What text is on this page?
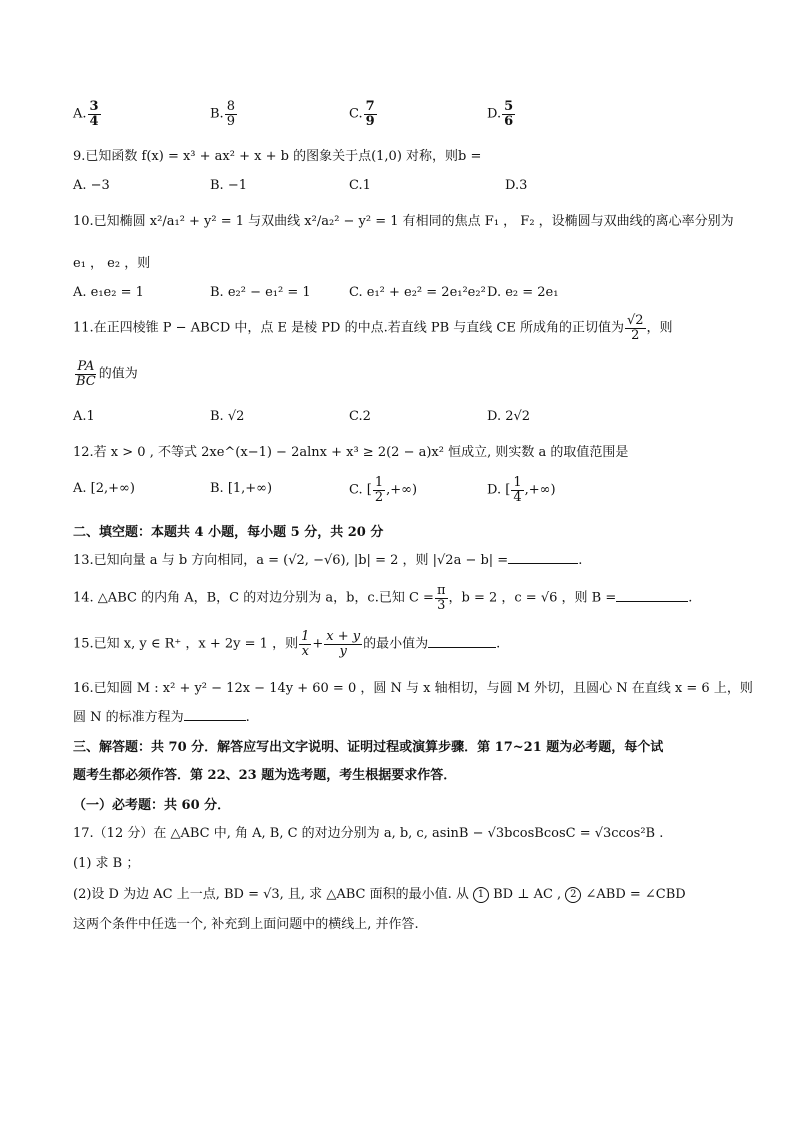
A. $\frac{3}{4}$	B. $\frac{8}{9}$	C. $\frac{7}{9}$	D. $\frac{5}{6}$
9.已知函数 f(x) = x³ + ax² + x + b 的图象关于点(1,0) 对称，则b =
A. −3	B. −1	C.1	D.3
10.已知椭圆 x²/a₁² + y² = 1 与双曲线 x²/a₂² − y² = 1 有相同的焦点 F₁ ， F₂ ，设椭圆与双曲线的离心率分别为
e₁ ， e₂ ，则
A. e₁e₂ = 1	B. e₂² − e₁² = 1	C. e₁² + e₂² = 2e₁²e₂² D. e₂ = 2e₁
11.在正四棱锥 P − ABCD 中，点 E 是棱 PD 的中点.若直线 PB 与直线 CE 所成角的正切值为 $\frac{√2}{2}$ ，则
$\frac{PA}{BC}$ 的值为
A.1	B. √2	C.2	D. 2√2
12.若 x > 0 , 不等式 2xe^(x−1) − 2alnx + x³ ≥ 2(2 − a)x² 恒成立, 则实数 a 的取值范围是
A. [2,+∞)	B. [1,+∞)	C. [ $\frac{1}{2}$ ,+∞)	D. [ $\frac{1}{4}$ ,+∞)
二、填空题：本题共 4 小题，每小题 5 分，共 20 分
13.已知向量 a 与 b 方向相同，a = (√2, −√6), |b| = 2 ，则 |√2a − b| =	.
14. △ABC 的内角 A，B，C 的对边分别为 a，b，c.已知 $C = \frac{\pi}{3}$ ，b = 2 ，c = √6 ，则 B =	.
15.已知 x, y ∈ R⁺ ，x + 2y = 1 ，则 $\frac{1}{x} + \frac{x + y}{y}$ 的最小值为	.
16.已知圆 M : x² + y² − 12x − 14y + 60 = 0 ，圆 N 与 x 轴相切，与圆 M 外切，且圆心 N 在直线 x = 6 上，则
圆 N 的标准方程为	.
三、解答题：共 70 分．解答应写出文字说明、证明过程或演算步骤．第 17~21 题为必考题，每个试
题考生都必须作答．第 22、23 题为选考题，考生根据要求作答．
（一）必考题：共 60 分．
17.（12 分）在 △ABC 中, 角 A, B, C 的对边分别为 a, b, c, asinB − √3bcosBcosC = √3ccos²B .
(1) 求 B ；
(2)设 D 为边 AC 上一点, BD = √3, 且, 求 △ABC 面积的最小值. 从 1 BD ⊥ AC , 2 ∠ABD = ∠CBD
这两个条件中任选一个, 补充到上面问题中的横线上, 并作答.
